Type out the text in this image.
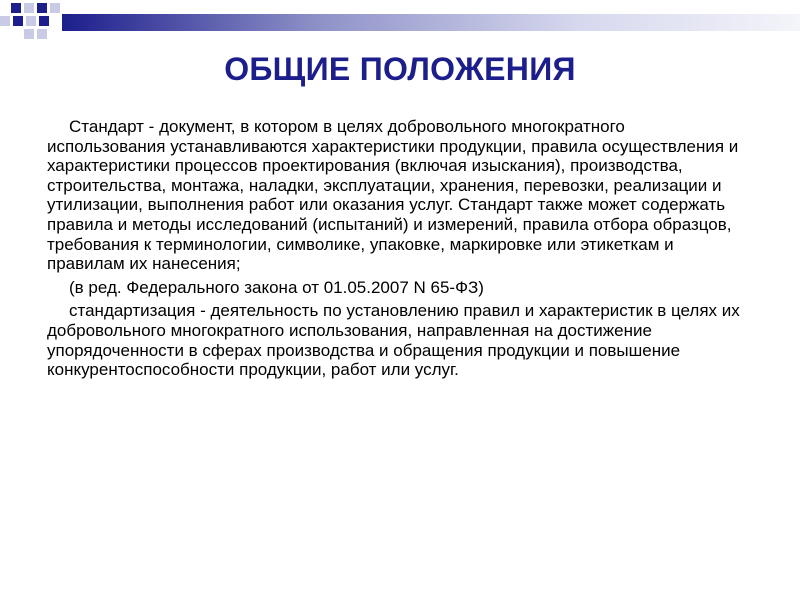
ОБЩИЕ ПОЛОЖЕНИЯ

Стандарт - документ, в котором в целях добровольного многократного использования устанавливаются характеристики продукции, правила осуществления и характеристики процессов проектирования (включая изыскания), производства, строительства, монтажа, наладки, эксплуатации, хранения, перевозки, реализации и утилизации, выполнения работ или оказания услуг. Стандарт также может содержать правила и методы исследований (испытаний) и измерений, правила отбора образцов, требования к терминологии, символике, упаковке, маркировке или этикеткам и правилам их нанесения;

(в ред. Федерального закона от 01.05.2007 N 65-ФЗ)

стандартизация - деятельность по установлению правил и характеристик в целях их добровольного многократного использования, направленная на достижение упорядоченности в сферах производства и обращения продукции и повышение конкурентоспособности продукции, работ или услуг.
